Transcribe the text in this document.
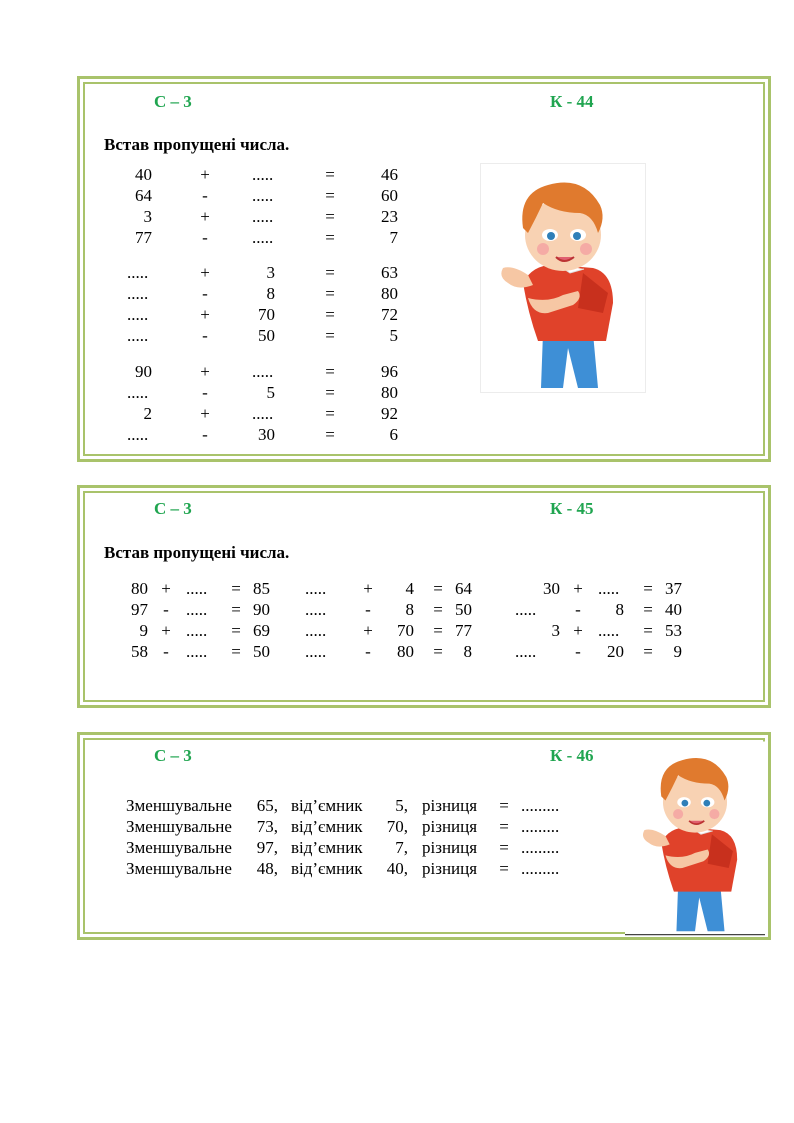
С – 3	К - 44
Встав пропущені числа.
40	+	.....	=	46
64	-	.....	=	60
3	+	.....	=	23
77	-	.....	=	7
.....	+	3	=	63
.....	-	8	=	80
.....	+	70	=	72
.....	-	50	=	5
90	+	.....	=	96
.....	-	5	=	80
2	+	.....	=	92
.....	-	30	=	6
С – 3	К - 45
Встав пропущені числа.
80 + .....	= 85
97 -	.....	= 90
9 + .....	= 69
58 -	.....	= 50
.....	+	4 = 64
.....	-	8 = 50
.....	+	70 = 77
.....	-	80 =	8
30 + .....	= 37
.....	-	8 = 40
3 + .....	= 53
.....	-	20 =	9
С – 3	К - 46
Зменшувальне	65, від’ємник	5, різниця	= .........
Зменшувальне	73, від’ємник	70, різниця	= .........
Зменшувальне	97, від’ємник	7, різниця	= .........
Зменшувальне	48, від’ємник	40, різниця	= .........
